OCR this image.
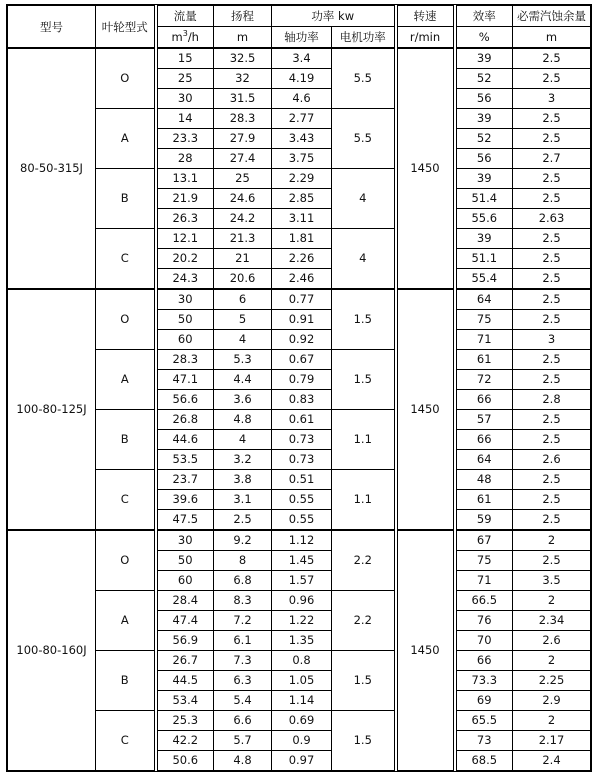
型号	叶轮型式	流量	扬程	功率 kw		转速	效率	必需汽蚀余量
		$m^3/h$	m	轴功率	电机功率	r/min	%	m
80-50-315J	O	15	32.5	3.4	5.5	1450	39	2.5
		25	32	4.19			52	2.5
		30	31.5	4.6			56	3
	A	14	28.3	2.77	5.5		39	2.5
		23.3	27.9	3.43			52	2.5
		28	27.4	3.75			56	2.7
	B	13.1	25	2.29	4		39	2.5
		21.9	24.6	2.85			51.4	2.5
		26.3	24.2	3.11			55.6	2.63
	C	12.1	21.3	1.81	4		39	2.5
		20.2	21	2.26			51.1	2.5
		24.3	20.6	2.46			55.4	2.5
100-80-125J	O	30	6	0.77	1.5	1450	64	2.5
		50	5	0.91			75	2.5
		60	4	0.92			71	3
	A	28.3	5.3	0.67	1.5		61	2.5
		47.1	4.4	0.79			72	2.5
		56.6	3.6	0.83			66	2.8
	B	26.8	4.8	0.61	1.1		57	2.5
		44.6	4	0.73			66	2.5
		53.5	3.2	0.73			64	2.6
	C	23.7	3.8	0.51	1.1		48	2.5
		39.6	3.1	0.55			61	2.5
		47.5	2.5	0.55			59	2.5
100-80-160J	O	30	9.2	1.12	2.2	1450	67	2
		50	8	1.45			75	2.5
		60	6.8	1.57			71	3.5
	A	28.4	8.3	0.96	2.2		66.5	2
		47.4	7.2	1.22			76	2.34
		56.9	6.1	1.35			70	2.6
	B	26.7	7.3	0.8	1.5		66	2
		44.5	6.3	1.05			73.3	2.25
		53.4	5.4	1.14			69	2.9
	C	25.3	6.6	0.69	1.5		65.5	2
		42.2	5.7	0.9			73	2.17
		50.6	4.8	0.97			68.5	2.4
